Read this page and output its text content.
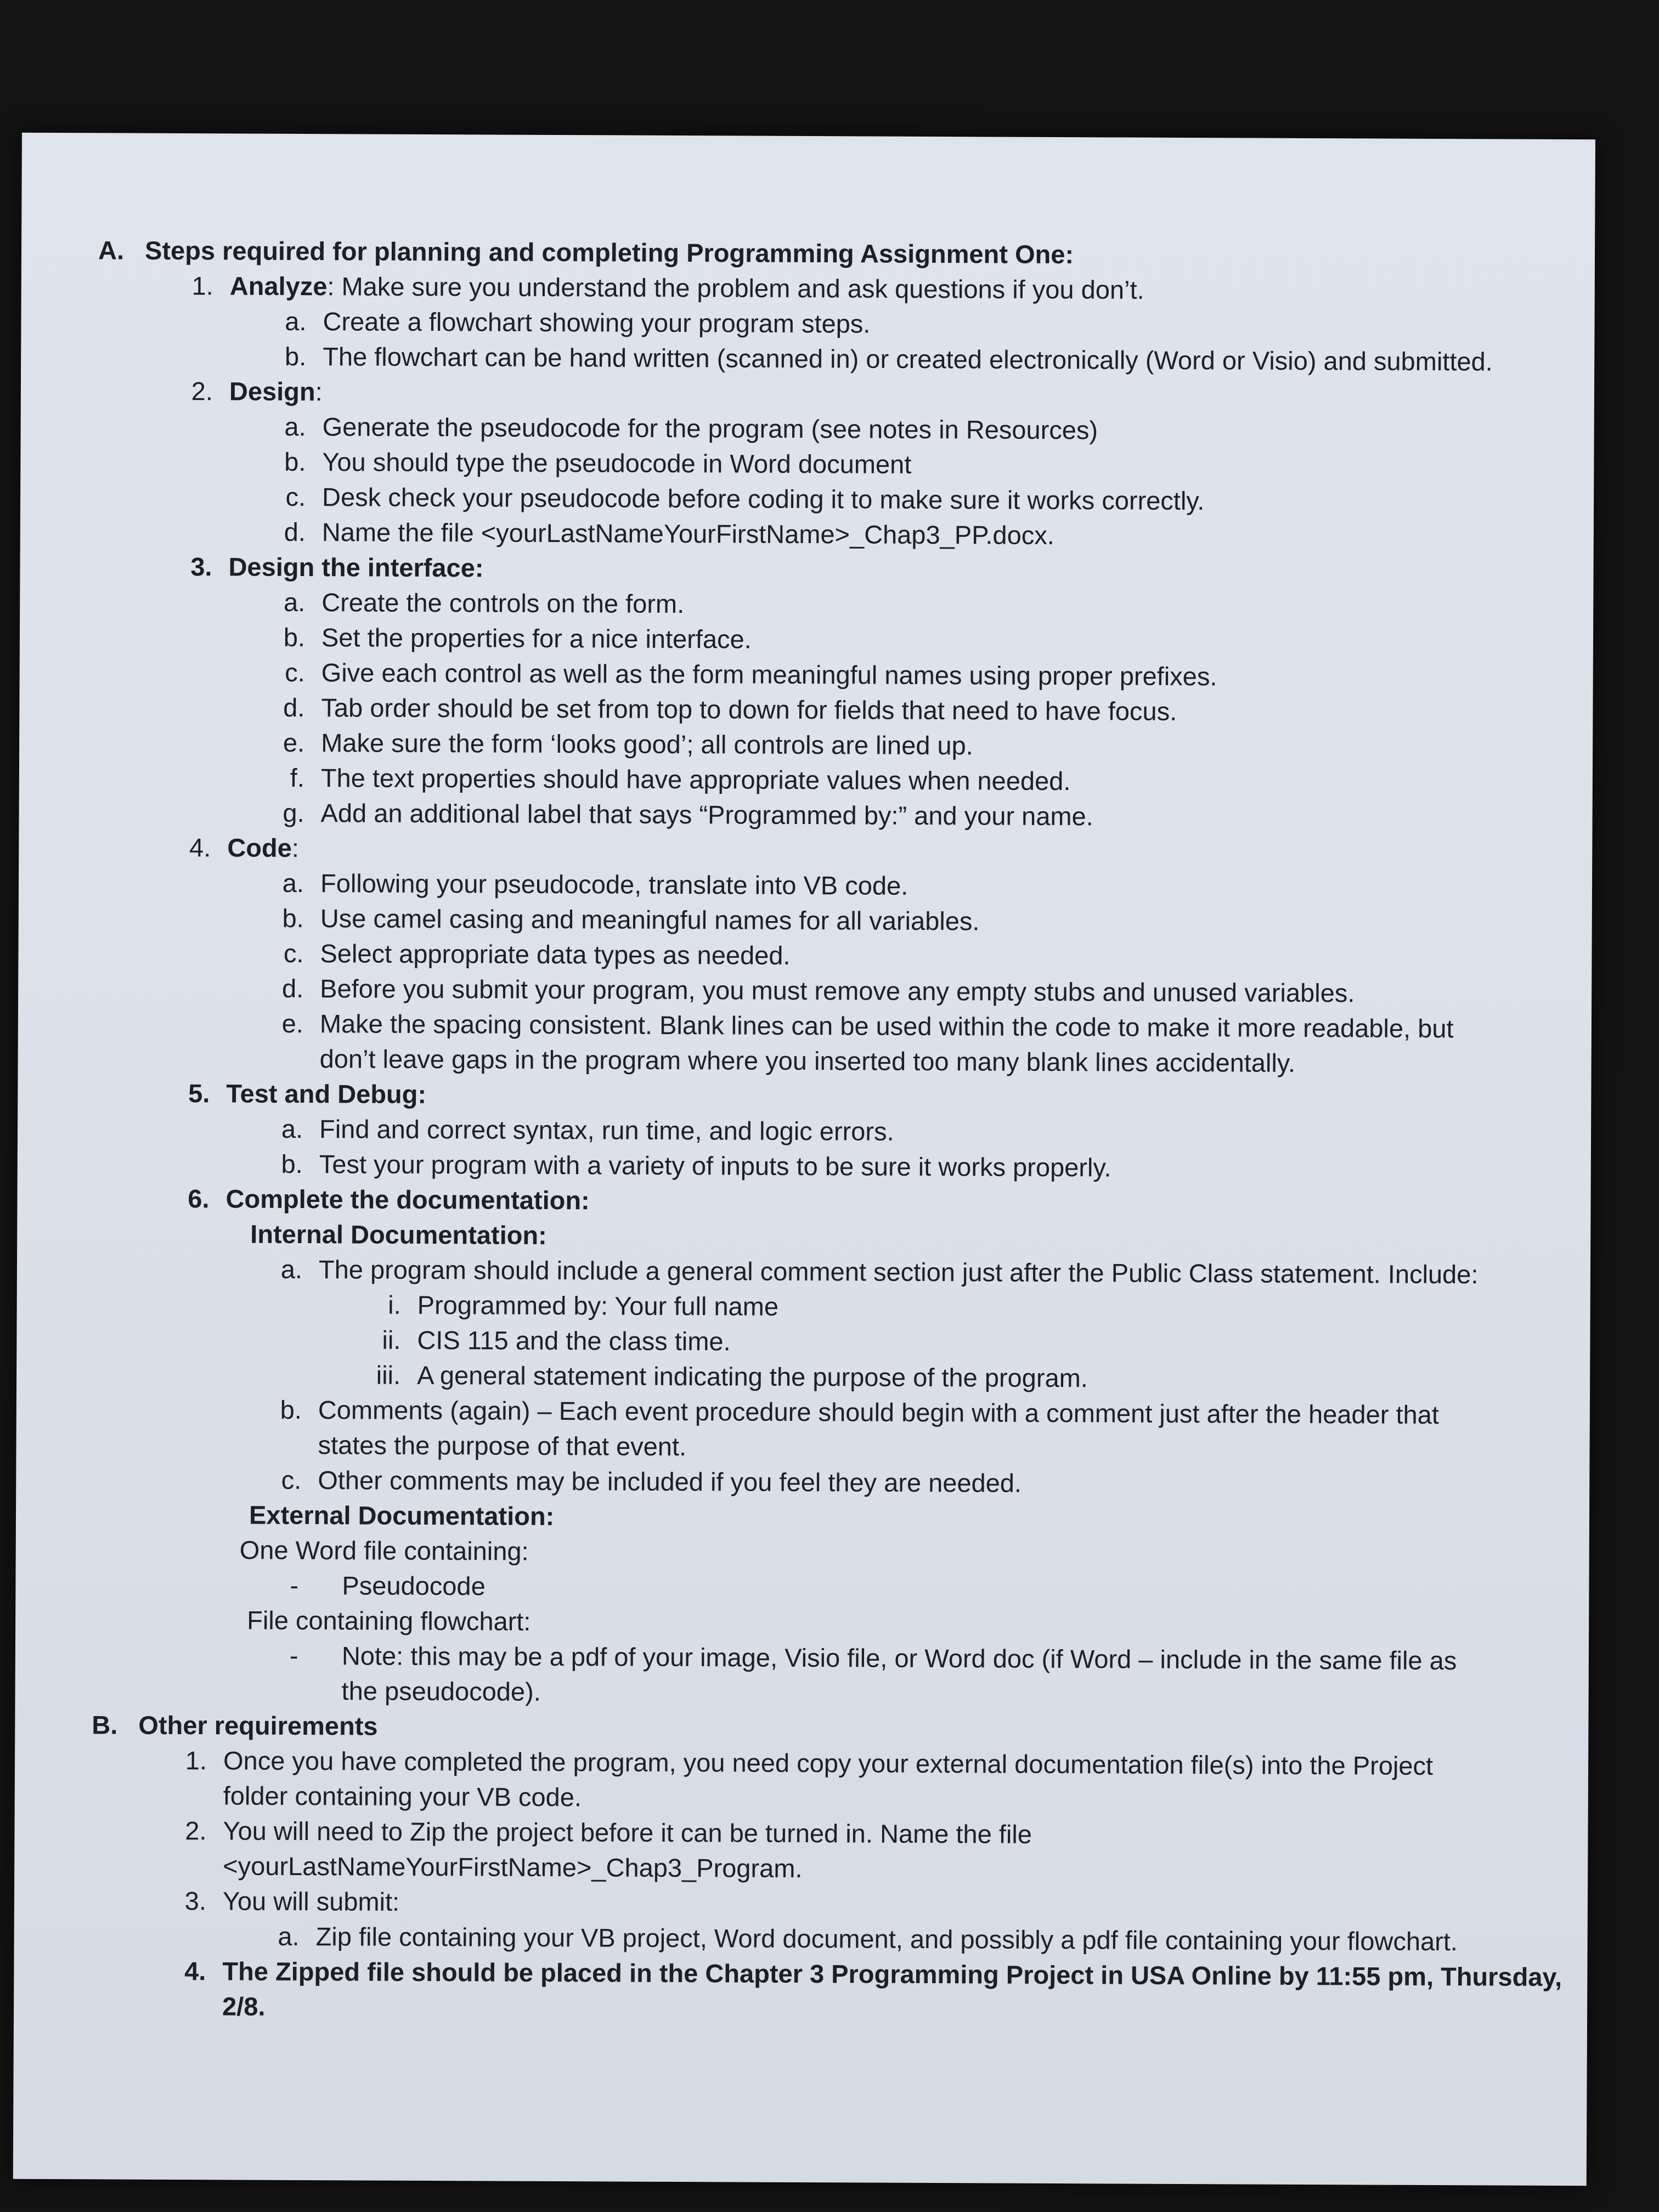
A. Steps required for planning and completing Programming Assignment One:
1. Analyze: Make sure you understand the problem and ask questions if you don’t.
a. Create a flowchart showing your program steps.
b. The flowchart can be hand written (scanned in) or created electronically (Word or Visio) and submitted.
2. Design:
a. Generate the pseudocode for the program (see notes in Resources)
b. You should type the pseudocode in Word document
c. Desk check your pseudocode before coding it to make sure it works correctly.
d. Name the file <yourLastNameYourFirstName>_Chap3_PP.docx.
3. Design the interface:
a. Create the controls on the form.
b. Set the properties for a nice interface.
c. Give each control as well as the form meaningful names using proper prefixes.
d. Tab order should be set from top to down for fields that need to have focus.
e. Make sure the form ‘looks good’; all controls are lined up.
f. The text properties should have appropriate values when needed.
g. Add an additional label that says “Programmed by:” and your name.
4. Code:
a. Following your pseudocode, translate into VB code.
b. Use camel casing and meaningful names for all variables.
c. Select appropriate data types as needed.
d. Before you submit your program, you must remove any empty stubs and unused variables.
e. Make the spacing consistent. Blank lines can be used within the code to make it more readable, but
don’t leave gaps in the program where you inserted too many blank lines accidentally.
5. Test and Debug:
a. Find and correct syntax, run time, and logic errors.
b. Test your program with a variety of inputs to be sure it works properly.
6. Complete the documentation:
Internal Documentation:
a. The program should include a general comment section just after the Public Class statement. Include:
i. Programmed by: Your full name
ii. CIS 115 and the class time.
iii. A general statement indicating the purpose of the program.
b. Comments (again) – Each event procedure should begin with a comment just after the header that
states the purpose of that event.
c. Other comments may be included if you feel they are needed.
External Documentation:
One Word file containing:
-	Pseudocode
File containing flowchart:
-	Note: this may be a pdf of your image, Visio file, or Word doc (if Word – include in the same file as
the pseudocode).
B. Other requirements
1. Once you have completed the program, you need copy your external documentation file(s) into the Project
folder containing your VB code.
2. You will need to Zip the project before it can be turned in. Name the file
<yourLastNameYourFirstName>_Chap3_Program.
3. You will submit:
a. Zip file containing your VB project, Word document, and possibly a pdf file containing your flowchart.
4. The Zipped file should be placed in the Chapter 3 Programming Project in USA Online by 11:55 pm, Thursday,
2/8.
